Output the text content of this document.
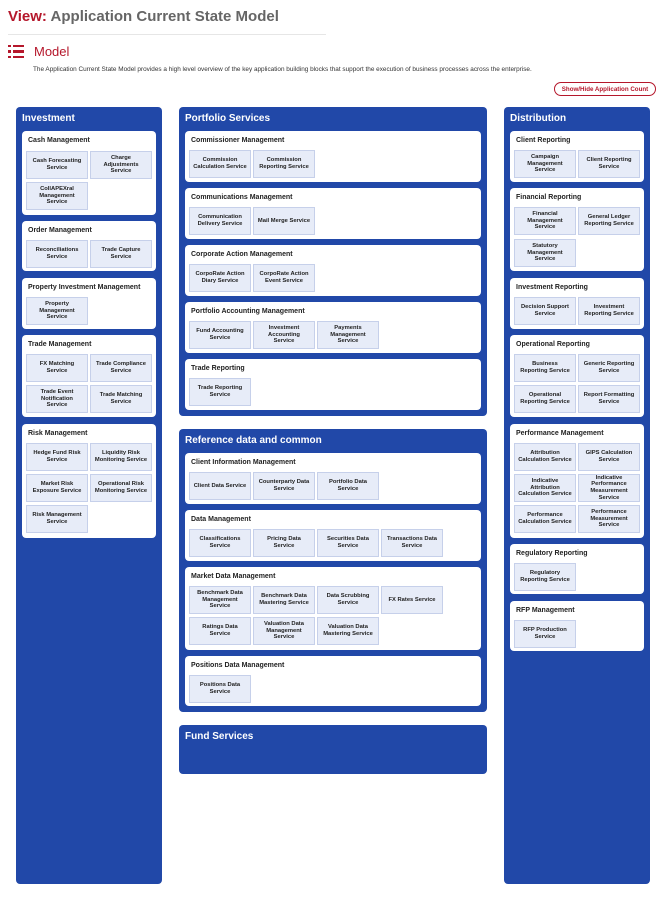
View: Application Current State Model
Model
The Application Current State Model provides a high level overview of the key application building blocks that support the execution of business processes across the enterprise.
Show/Hide Application Count
Investment
Cash Management
Cash Forecasting Service
Charge Adjustments Service
CollAPEXral Management Service
Order Management
Reconciliations Service
Trade Capture Service
Property Investment Management
Property Management Service
Trade Management
FX Matching Service
Trade Compliance Service
Trade Event Notification Service
Trade Matching Service
Risk Management
Hedge Fund Risk Service
Liquidity Risk Monitoring Service
Market Risk Exposure Service
Operational Risk Monitoring Service
Risk Management Service
Portfolio Services
Commissioner Management
Commission Calculation Service
Commission Reporting Service
Communications Management
Communication Delivery Service
Mail Merge Service
Corporate Action Management
CorpoRate Action Diary Service
CorpoRate Action Event Service
Portfolio Accounting Management
Fund Accounting Service
Investment Accounting Service
Payments Management Service
Trade Reporting
Trade Reporting Service
Reference data and common
Client Information Management
Client Data Service
Counterparty Data Service
Portfolio Data Service
Data Management
Classifications Service
Pricing Data Service
Securities Data Service
Transactions Data Service
Market Data Management
Benchmark Data Management Service
Benchmark Data Mastering Service
Data Scrubbing Service
FX Rates Service
Ratings Data Service
Valuation Data Management Service
Valuation Data Mastering Service
Positions Data Management
Positions Data Service
Fund Services
Distribution
Client Reporting
Campaign Management Service
Client Reporting Service
Financial Reporting
Financial Management Service
General Ledger Reporting Service
Statutory Management Service
Investment Reporting
Decision Support Service
Investment Reporting Service
Operational Reporting
Business Reporting Service
Generic Reporting Service
Operational Reporting Service
Report Formatting Service
Performance Management
Attribution Calculation Service
GIPS Calculation Service
Indicative Attribution Calculation Service
Indicative Performance Measurement Service
Performance Calculation Service
Performance Measurement Service
Regulatory Reporting
Regulatory Reporting Service
RFP Management
RFP Production Service
